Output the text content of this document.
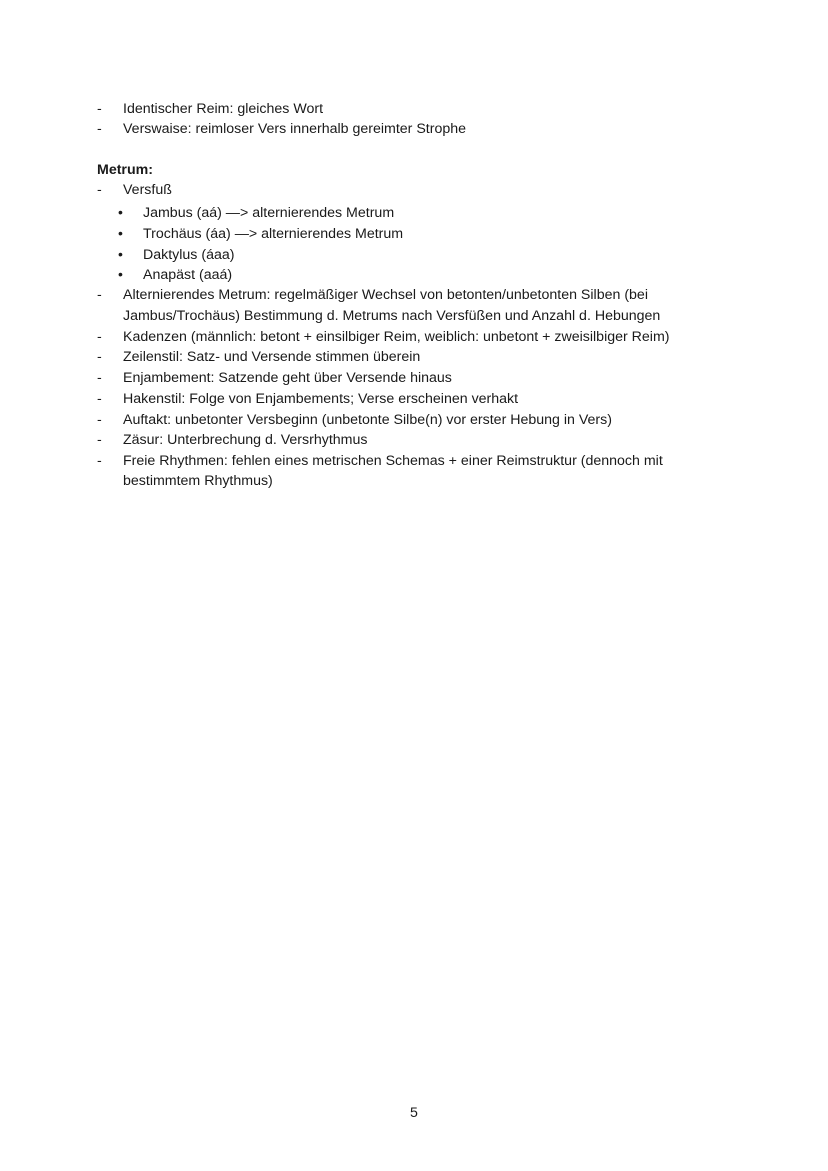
- Identischer Reim: gleiches Wort
- Verswaise: reimloser Vers innerhalb gereimter Strophe
Metrum:
- Versfuß
• Jambus (aá) —> alternierendes Metrum
• Trochäus (áa) —> alternierendes Metrum
• Daktylus (áaa)
• Anapäst (aaá)
- Alternierendes Metrum: regelmäßiger Wechsel von betonten/unbetonten Silben (bei
Jambus/Trochäus) Bestimmung d. Metrums nach Versfüßen und Anzahl d. Hebungen
- Kadenzen (männlich: betont + einsilbiger Reim, weiblich: unbetont + zweisilbiger Reim)
- Zeilenstil: Satz- und Versende stimmen überein
- Enjambement: Satzende geht über Versende hinaus
- Hakenstil: Folge von Enjambements; Verse erscheinen verhakt
- Auftakt: unbetonter Versbeginn (unbetonte Silbe(n) vor erster Hebung in Vers)
- Zäsur: Unterbrechung d. Versrhythmus
- Freie Rhythmen: fehlen eines metrischen Schemas + einer Reimstruktur (dennoch mit
bestimmtem Rhythmus)
5
